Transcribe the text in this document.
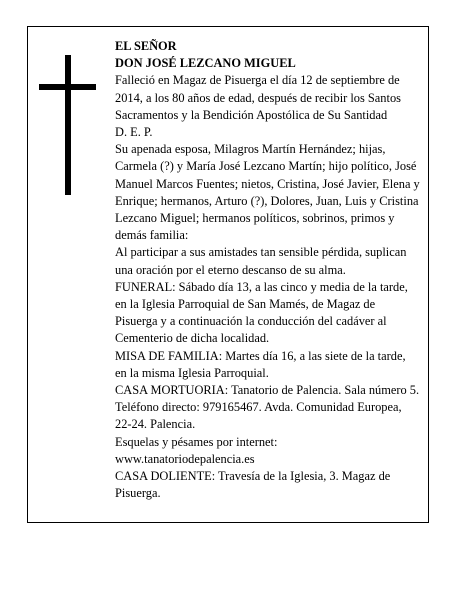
EL SEÑOR

DON JOSÉ LEZCANO MIGUEL

Falleció en Magaz de Pisuerga el día 12 de septiembre de 2014, a los 80 años de edad, después de recibir los Santos Sacramentos y la Bendición Apostólica de Su Santidad

D. E. P.

Su apenada esposa, Milagros Martín Hernández; hijas, Carmela (?) y María José Lezcano Martín; hijo político, José Manuel Marcos Fuentes; nietos, Cristina, José Javier, Elena y Enrique; hermanos, Arturo (?), Dolores, Juan, Luis y Cristina Lezcano Miguel; hermanos políticos, sobrinos, primos y demás familia:

Al participar a sus amistades tan sensible pérdida, suplican una oración por el eterno descanso de su alma.

FUNERAL: Sábado día 13, a las cinco y media de la tarde, en la Iglesia Parroquial de San Mamés, de Magaz de Pisuerga y a continuación la conducción del cadáver al Cementerio de dicha localidad.

MISA DE FAMILIA: Martes día 16, a las siete de la tarde, en la misma Iglesia Parroquial.

CASA MORTUORIA: Tanatorio de Palencia. Sala número 5. Teléfono directo: 979165467. Avda. Comunidad Europea, 22-24. Palencia.

Esquelas y pésames por internet: www.tanatoriodepalencia.es

CASA DOLIENTE: Travesía de la Iglesia, 3. Magaz de Pisuerga.
